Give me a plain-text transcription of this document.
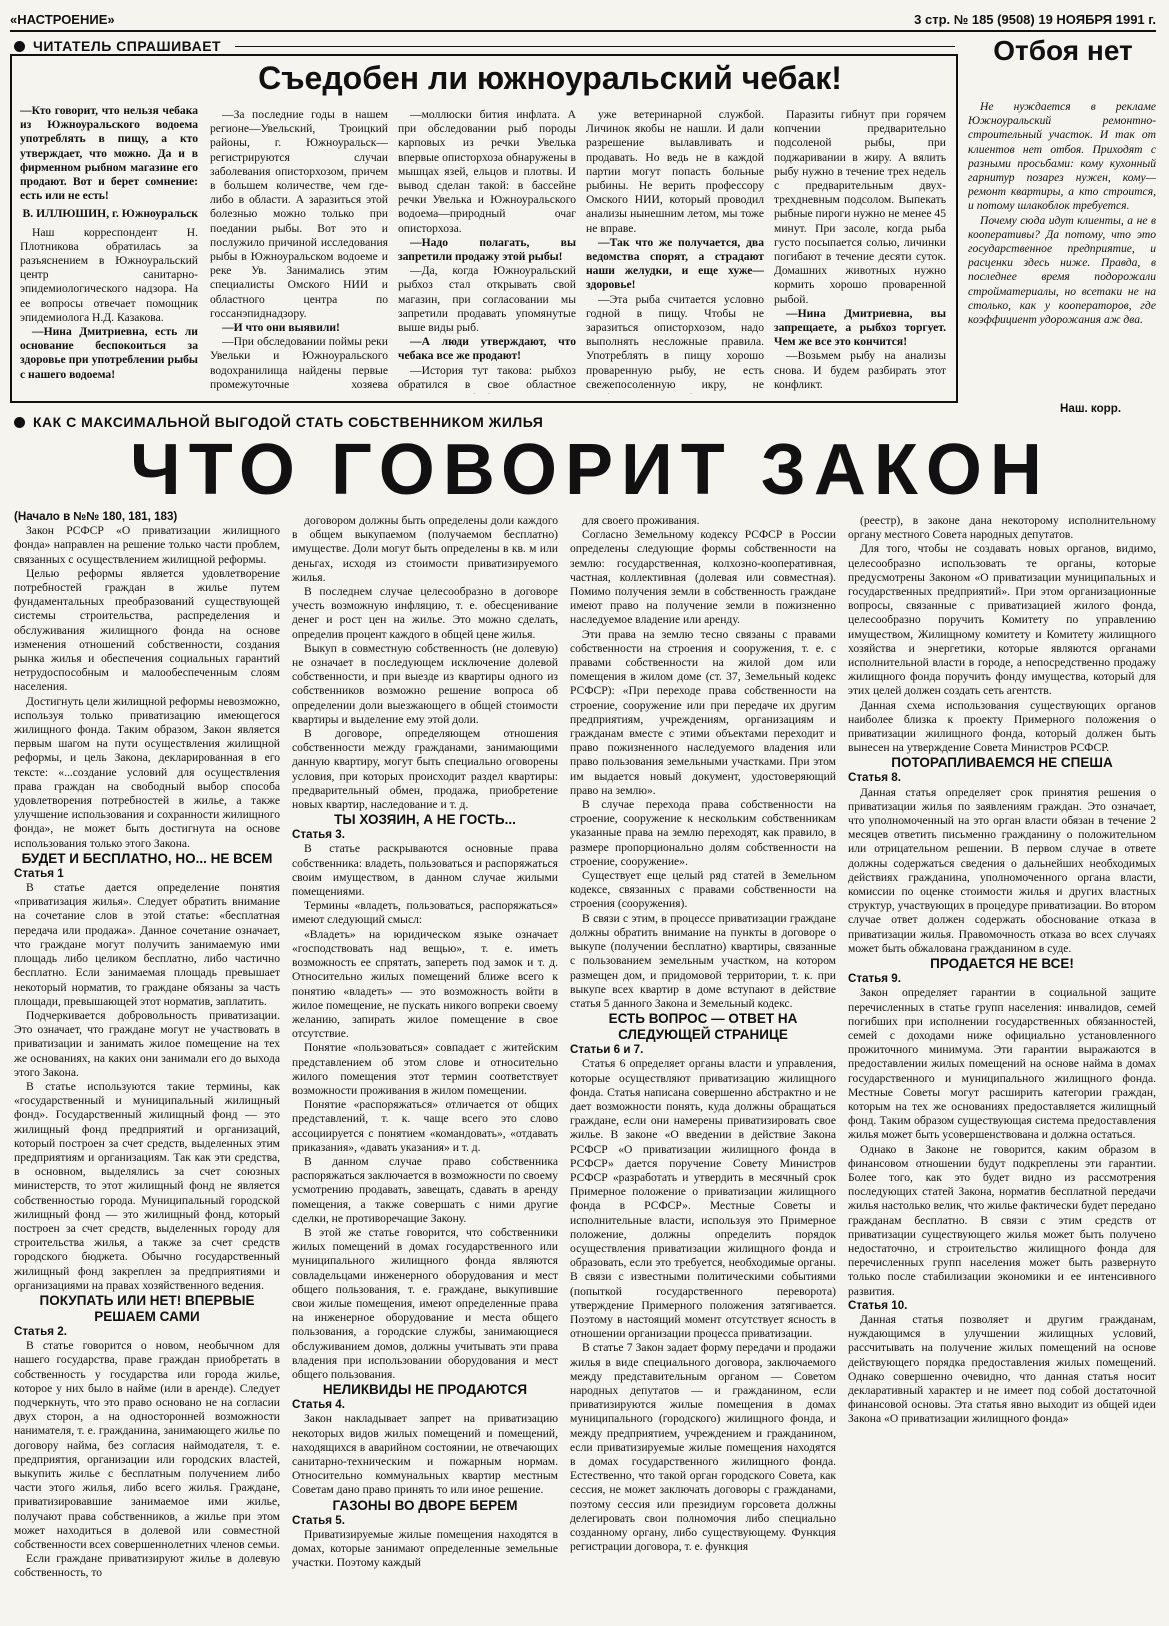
«НАСТРОЕНИЕ»	3 стр. № 185 (9508) 19 НОЯБРЯ 1991 г.
ЧИТАТЕЛЬ СПРАШИВАЕТ
Съедобен ли южноуральский чебак!

—Кто говорит, что нельзя чебака из Южноуральского водоема употреблять в пищу, а кто утверждает, что можно. Да и в фирменном рыбном магазине его продают. Вот и берет сомнение: есть или не есть!

В. ИЛЛЮШИН, г. Южноуральск

Наш корреспондент Н. Плотникова обратилась за разъяснением в Южноуральский центр санитарно-эпидемиологического надзора. На ее вопросы отвечает помощник эпидемиолога Н.Д. Казакова.

—Нина Дмитриевна, есть ли основание беспокоиться за здоровье при употреблении рыбы с нашего водоема!

—За последние годы в нашем регионе—Увельский, Троицкий районы, г. Южноуральск—регистрируются случаи заболевания описторхозом, причем в большем количестве, чем где-либо в области. А заразиться этой болезнью можно только при поедании рыбы. Вот это и послужило причиной исследования рыбы в Южноуральском водоеме и реке Ув. Занимались этим специалисты Омского НИИ и областного центра по госсанэпиднадзору.

—И что они выявили!

—При обследовании поймы реки Увельки и Южноуральского водохранилища найдены первые промежуточные хозяева

—моллюски бития инфлата. А при обследовании рыб породы карповых из речки Увелька впервые описторхоза обнаружены в мышцах язей, ельцов и плотвы. И вывод сделан такой: в бассейне речки Увелька и Южноуральского водоема—природный очаг описторхоза.

—Надо полагать, вы запретили продажу этой рыбы!

—Да, когда Южноуральский рыбхоз стал открывать свой магазин, при согласовании мы запретили продавать упомянутые выше виды рыб.

—А люди утверждают, что чебака все же продают!

—История тут такова: рыбхоз обратился в свое областное

уже ветеринарной службой. Личинок якобы не нашли. И дали разрешение вылавливать и продавать. Но ведь не в каждой партии могут попасть больные рыбины. Не верить профессору Омского НИИ, который проводил анализы нынешним летом, мы тоже не вправе.

—Так что же получается, два ведомства спорят, а страдают наши желудки, и еще хуже—здоровье!

—Эта рыба считается условно годной в пищу. Чтобы не заразиться описторхозом, надо выполнять несложные правила. Употреблять в пищу хорошо проваренную рыбу, не есть свежепосоленную икру, не

Паразиты гибнут при горячем копчении предварительно подсоленой рыбы, при поджаривании в жиру. А вялить рыбу нужно в течение трех недель с предварительным двух-трехдневным подсолом. Выпекать рыбные пироги нужно не менее 45 минут. При засоле, когда рыба густо посыпается солью, личинки погибают в течение десяти суток. Домашних животных нужно кормить хорошо проваренной рыбой.

—Нина Дмитриевна, вы запрещаете, а рыбхоз торгует. Чем же все это кончится!

—Возьмем рыбу на анализы снова. И будем разбирать этот конфликт.

Отбоя нет

Не нуждается в рекламе Южноуральский ремонтно-строительный участок. И так от клиентов нет отбоя. Приходят с разными просьбами: кому кухонный гарнитур позарез нужен, кому—ремонт квартиры, а кто строится, и потому шлакоблок требуется.

Почему сюда идут клиенты, а не в кооперативы? Да потому, что это государственное предприятие, и расценки здесь ниже. Правда, в последнее время подорожали стройматериалы, но всетаки не на столько, как у кооператоров, где коэффициент удорожания аж два.

Наш. корр.
КАК С МАКСИМАЛЬНОЙ ВЫГОДОЙ СТАТЬ СОБСТВЕННИКОМ ЖИЛЬЯ
ЧТО ГОВОРИТ ЗАКОН

(Начало в №№ 180, 181, 183)

Закон РСФСР «О приватизации жилищного фонда» направлен на решение только части проблем, связанных с осуществлением жилищной реформы.

Целью реформы является удовлетворение потребностей граждан в жилье путем фундаментальных преобразований существующей системы строительства, распределения и обслуживания жилищного фонда на основе изменения отношений собственности, создания рынка жилья и обеспечения социальных гарантий нетрудоспособным и малообеспеченным слоям населения.

Достигнуть цели жилищной реформы невозможно, используя только приватизацию имеющегося жилищного фонда. Таким образом, Закон является первым шагом на пути осуществления жилищной реформы, и цель Закона, декларированная в его тексте: «...создание условий для осуществления права граждан на свободный выбор способа удовлетворения потребностей в жилье, а также улучшение использования и сохранности жилищного фонда», не может быть достигнута на основе использования только этого Закона.

БУДЕТ И БЕСПЛАТНО, НО... НЕ ВСЕМ

Статья 1

В статье дается определение понятия «приватизация жилья». Следует обратить внимание на сочетание слов в этой статье: «бесплатная передача или продажа». Данное сочетание означает, что граждане могут получить занимаемую ими площадь либо целиком бесплатно, либо частично бесплатно. Если занимаемая площадь превышает некоторый норматив, то граждане обязаны за часть площади, превышающей этот норматив, заплатить.

Подчеркивается добровольность приватизации. Это означает, что граждане могут не участвовать в приватизации и занимать жилое помещение на тех же основаниях, на каких они занимали его до выхода этого Закона.

В статье используются такие термины, как «государственный и муниципальный жилищный фонд». Государственный жилищный фонд — это жилищный фонд предприятий и организаций, который построен за счет средств, выделенных этим предприятиям и организациям. Так как эти средства, в основном, выделялись за счет союзных министерств, то этот жилищный фонд не является собственностью города. Муниципальный городской жилищный фонд — это жилищный фонд, который построен за счет средств, выделенных городу для строительства жилья, а также за счет средств городского бюджета. Обычно государственный жилищный фонд закреплен за предприятиями и организациями на правах хозяйственного ведения.

ПОКУПАТЬ ИЛИ НЕТ! ВПЕРВЫЕ РЕШАЕМ САМИ

Статья 2.

В статье говорится о новом, необычном для нашего государства, праве граждан приобретать в собственность у государства или города жилье, которое у них было в найме (или в аренде). Следует подчеркнуть, что это право основано не на согласии двух сторон, а на односторонней возможности нанимателя, т. е. гражданина, занимающего жилье по договору найма, без согласия наймодателя, т. е. предприятия, организации или городских властей, выкупить жилье с бесплатным получением либо части этого жилья, либо всего жилья. Граждане, приватизировавшие занимаемое ими жилье, получают права собственников, а жилье при этом может находиться в долевой или совместной собственности всех совершеннолетних членов семьи.

Если граждане приватизируют жилье в долевую собственность, то

договором должны быть определены доли каждого в общем выкупаемом (получаемом бесплатно) имуществе. Доли могут быть определены в кв. м или деньгах, исходя из стоимости приватизируемого жилья.

В последнем случае целесообразно в договоре учесть возможную инфляцию, т. е. обесценивание денег и рост цен на жилье. Это можно сделать, определив процент каждого в общей цене жилья.

Выкуп в совместную собственность (не долевую) не означает в последующем исключение долевой собственности, и при выезде из квартиры одного из собственников возможно решение вопроса об определении доли выезжающего в общей стоимости квартиры и выделение ему этой доли.

В договоре, определяющем отношения собственности между гражданами, занимающими данную квартиру, могут быть специально оговорены условия, при которых происходит раздел квартиры: предварительный обмен, продажа, приобретение новых квартир, наследование и т. д.

ТЫ ХОЗЯИН, А НЕ ГОСТЬ...

Статья 3.

В статье раскрываются основные права собственника: владеть, пользоваться и распоряжаться своим имуществом, в данном случае жилыми помещениями.

Термины «владеть, пользоваться, распоряжаться» имеют следующий смысл:

«Владеть» на юридическом языке означает «господствовать над вещью», т. е. иметь возможность ее спрятать, запереть под замок и т. д. Относительно жилых помещений ближе всего к понятию «владеть» — это возможность войти в жилое помещение, не пускать никого вопреки своему желанию, запирать жилое помещение в свое отсутствие.

Понятие «пользоваться» совпадает с житейским представлением об этом слове и относительно жилого помещения этот термин соответствует возможности проживания в жилом помещении.

Понятие «распоряжаться» отличается от общих представлений, т. к. чаще всего это слово ассоциируется с понятием «командовать», «отдавать приказания», «давать указания» и т. д.

В данном случае право собственника распоряжаться заключается в возможности по своему усмотрению продавать, завещать, сдавать в аренду помещения, а также совершать с ними другие сделки, не противоречащие Закону.

В этой же статье говорится, что собственники жилых помещений в домах государственного или муниципального жилищного фонда являются совладельцами инженерного оборудования и мест общего пользования, т. е. граждане, выкупившие свои жилые помещения, имеют определенные права на инженерное оборудование и места общего пользования, а городские службы, занимающиеся обслуживанием домов, должны учитывать эти права владения при использовании оборудования и мест общего пользования.

НЕЛИКВИДЫ НЕ ПРОДАЮТСЯ

Статья 4.

Закон накладывает запрет на приватизацию некоторых видов жилых помещений и помещений, находящихся в аварийном состоянии, не отвечающих санитарно-техническим и пожарным нормам. Относительно коммунальных квартир местным Советам дано право принять то или иное решение.

ГАЗОНЫ ВО ДВОРЕ БЕРЕМ

Статья 5.

Приватизируемые жилые помещения находятся в домах, которые занимают определенные земельные участки. Поэтому каждый

для своего проживания.

Согласно Земельному кодексу РСФСР в России определены следующие формы собственности на землю: государственная, колхозно-кооперативная, частная, коллективная (долевая или совместная). Помимо получения земли в собственность граждане имеют право на получение земли в пожизненно наследуемое владение или аренду.

Эти права на землю тесно связаны с правами собственности на строения и сооружения, т. е. с правами собственности на жилой дом или помещения в жилом доме (ст. 37, Земельный кодекс РСФСР): «При переходе права собственности на строение, сооружение или при передаче их другим предприятиям, учреждениям, организациям и гражданам вместе с этими объектами переходит и право пожизненного наследуемого владения или право пользования земельными участками. При этом им выдается новый документ, удостоверяющий право на землю».

В случае перехода права собственности на строение, сооружение к нескольким собственникам указанные права на землю переходят, как правило, в размере пропорционально долям собственности на строение, сооружение».

Существует еще целый ряд статей в Земельном кодексе, связанных с правами собственности на строения (сооружения).

В связи с этим, в процессе приватизации граждане должны обратить внимание на пункты в договоре о выкупе (получении бесплатно) квартиры, связанные с пользованием земельным участком, на котором размещен дом, и придомовой территории, т. к. при выкупе всех квартир в доме вступают в действие статья 5 данного Закона и Земельный кодекс.

ЕСТЬ ВОПРОС — ОТВЕТ НА СЛЕДУЮЩЕЙ СТРАНИЦЕ

Статьи 6 и 7.

Статья 6 определяет органы власти и управления, которые осуществляют приватизацию жилищного фонда. Статья написана совершенно абстрактно и не дает возможности понять, куда должны обращаться граждане, если они намерены приватизировать свое жилье. В законе «О введении в действие Закона РСФСР «О приватизации жилищного фонда в РСФСР» дается поручение Совету Министров РСФСР «разработать и утвердить в месячный срок Примерное положение о приватизации жилищного фонда в РСФСР». Местные Советы и исполнительные власти, используя это Примерное положение, должны определить порядок осуществления приватизации жилищного фонда и образовать, если это требуется, необходимые органы. В связи с известными политическими событиями (попыткой государственного переворота) утверждение Примерного положения затягивается. Поэтому в настоящий момент отсутствует ясность в отношении организации процесса приватизации.

В статье 7 Закон задает форму передачи и продажи жилья в виде специального договора, заключаемого между представительным органом — Советом народных депутатов — и гражданином, если приватизируются жилые помещения в домах муниципального (городского) жилищного фонда, и между предприятием, учреждением и гражданином, если приватизируемые жилые помещения находятся в домах государственного жилищного фонда. Естественно, что такой орган городского Совета, как сессия, не может заключать договоры с гражданами, поэтому сессия или президиум горсовета должны делегировать свои полномочия либо специально созданному органу, либо существующему. Функция регистрации договора, т. е. функция

(реестр), в законе дана некоторому исполнительному органу местного Совета народных депутатов.

Для того, чтобы не создавать новых органов, видимо, целесообразно использовать те органы, которые предусмотрены Законом «О приватизации муниципальных и государственных предприятий». При этом организационные вопросы, связанные с приватизацией жилого фонда, целесообразно поручить Комитету по управлению имуществом, Жилищному комитету и Комитету жилищного хозяйства и энергетики, которые являются органами исполнительной власти в городе, а непосредственно продажу жилищного фонда поручить фонду имущества, который для этих целей должен создать сеть агентств.

Данная схема использования существующих органов наиболее близка к проекту Примерного положения о приватизации жилищного фонда, который должен быть вынесен на утверждение Совета Министров РСФСР.

ПОТОРАПЛИВАЕМСЯ НЕ СПЕША

Статья 8.

Данная статья определяет срок принятия решения о приватизации жилья по заявлениям граждан. Это означает, что уполномоченный на это орган власти обязан в течение 2 месяцев ответить письменно гражданину о положительном или отрицательном решении. В первом случае в ответе должны содержаться сведения о дальнейших необходимых действиях гражданина, уполномоченного органа власти, комиссии по оценке стоимости жилья и других властных структур, участвующих в процедуре приватизации. Во втором случае ответ должен содержать обоснование отказа в приватизации жилья. Правомочность отказа во всех случаях может быть обжалована гражданином в суде.

ПРОДАЕТСЯ НЕ ВСЕ!

Статья 9.

Закон определяет гарантии в социальной защите перечисленных в статье групп населения: инвалидов, семей погибших при исполнении государственных обязанностей, семей с доходами ниже официально установленного прожиточного минимума. Эти гарантии выражаются в предоставлении жилых помещений на основе найма в домах государственного и муниципального жилищного фонда. Местные Советы могут расширить категории граждан, которым на тех же основаниях предоставляется жилищный фонд. Таким образом существующая система предоставления жилья может быть усовершенствована и должна остаться.

Однако в Законе не говорится, каким образом в финансовом отношении будут подкреплены эти гарантии. Более того, как это будет видно из рассмотрения последующих статей Закона, норматив бесплатной передачи жилья настолько велик, что жилье фактически будет передано гражданам бесплатно. В связи с этим средств от приватизации существующего жилья может быть получено недостаточно, и строительство жилищного фонда для перечисленных групп населения может быть развернуто только после стабилизации экономики и ее интенсивного развития.

Статья 10.

Данная статья позволяет и другим гражданам, нуждающимся в улучшении жилищных условий, рассчитывать на получение жилых помещений на основе действующего порядка предоставления жилых помещений. Однако совершенно очевидно, что данная статья носит декларативный характер и не имеет под собой достаточной финансовой основы. Эта статья явно выходит из общей идеи Закона «О приватизации жилищного фонда»
